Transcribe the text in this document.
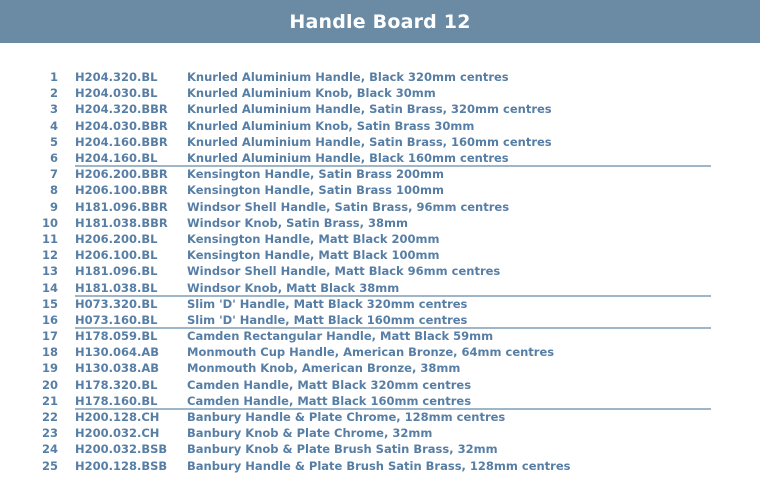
Handle Board 12
1 H204.320.BL	Knurled Aluminium Handle, Black 320mm centres
2 H204.030.BL	Knurled Aluminium Knob, Black 30mm
3 H204.320.BBR	Knurled Aluminium Handle, Satin Brass, 320mm centres
4 H204.030.BBR	Knurled Aluminium Knob, Satin Brass 30mm
5 H204.160.BBR	Knurled Aluminium Handle, Satin Brass, 160mm centres
6 H204.160.BL	Knurled Aluminium Handle, Black 160mm centres
7 H206.200.BBR	Kensington Handle, Satin Brass 200mm
8 H206.100.BBR	Kensington Handle, Satin Brass 100mm
9 H181.096.BBR	Windsor Shell Handle, Satin Brass, 96mm centres
10 H181.038.BBR	Windsor Knob, Satin Brass, 38mm
11 H206.200.BL	Kensington Handle, Matt Black 200mm
12 H206.100.BL	Kensington Handle, Matt Black 100mm
13 H181.096.BL	Windsor Shell Handle, Matt Black 96mm centres
14 H181.038.BL	Windsor Knob, Matt Black 38mm
15 H073.320.BL	Slim 'D' Handle, Matt Black 320mm centres
16 H073.160.BL	Slim 'D' Handle, Matt Black 160mm centres
17 H178.059.BL	Camden Rectangular Handle, Matt Black 59mm
18 H130.064.AB	Monmouth Cup Handle, American Bronze, 64mm centres
19 H130.038.AB	Monmouth Knob, American Bronze, 38mm
20 H178.320.BL	Camden Handle, Matt Black 320mm centres
21 H178.160.BL	Camden Handle, Matt Black 160mm centres
22 H200.128.CH	Banbury Handle & Plate Chrome, 128mm centres
23 H200.032.CH	Banbury Knob & Plate Chrome, 32mm
24 H200.032.BSB	Banbury Knob & Plate Brush Satin Brass, 32mm
25 H200.128.BSB	Banbury Handle & Plate Brush Satin Brass, 128mm centres
